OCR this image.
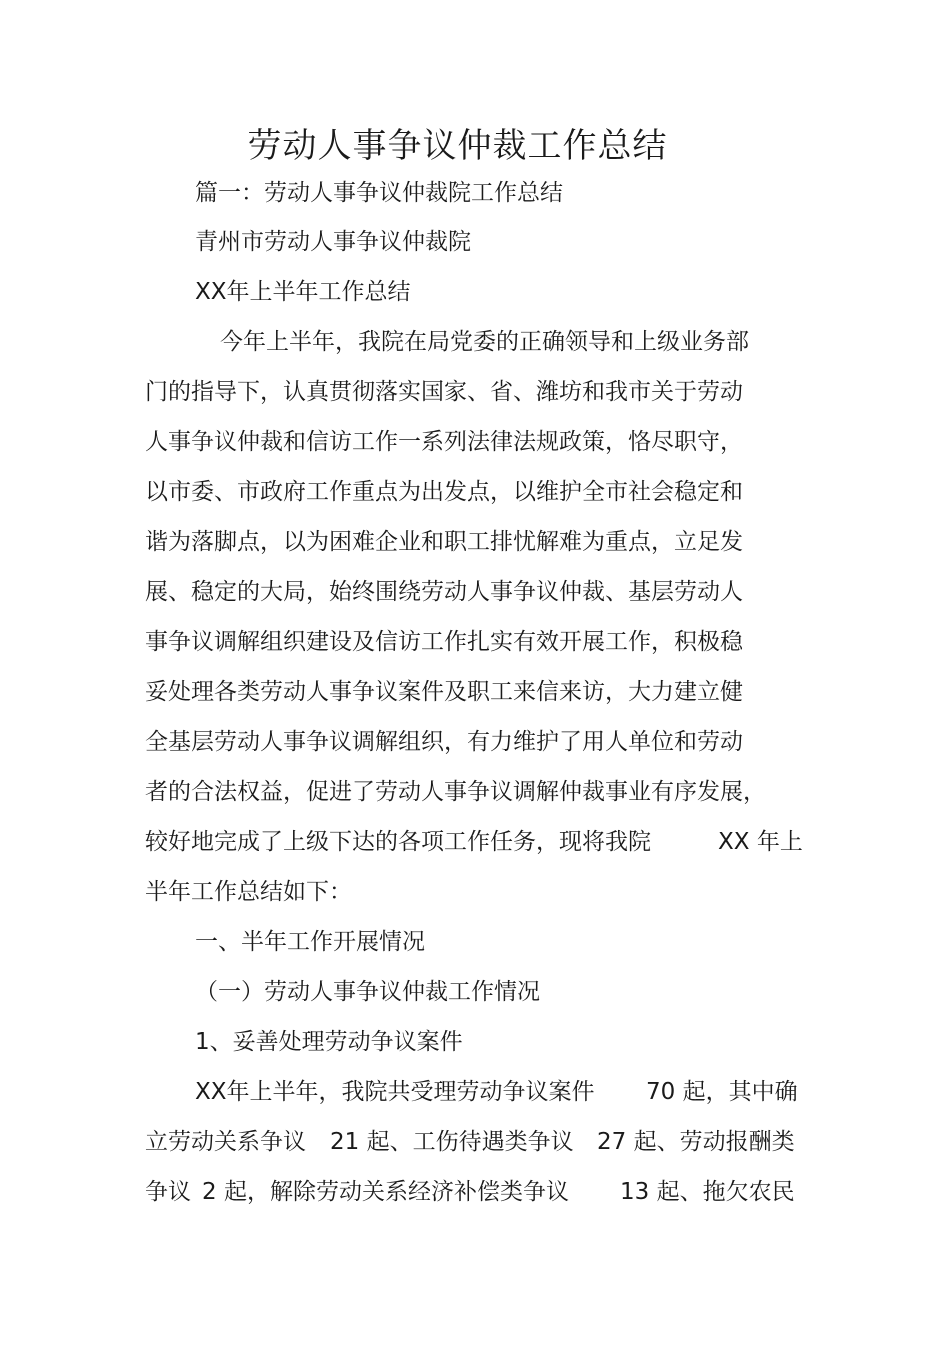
劳动人事争议仲裁工作总结
篇一：劳动人事争议仲裁院工作总结
青州市劳动人事争议仲裁院
XX年上半年工作总结
今年上半年，我院在局党委的正确领导和上级业务部
门的指导下，认真贯彻落实国家、省、潍坊和我市关于劳动
人事争议仲裁和信访工作一系列法律法规政策，恪尽职守，
以市委、市政府工作重点为出发点，以维护全市社会稳定和
谐为落脚点，以为困难企业和职工排忧解难为重点，立足发
展、稳定的大局，始终围绕劳动人事争议仲裁、基层劳动人
事争议调解组织建设及信访工作扎实有效开展工作，积极稳
妥处理各类劳动人事争议案件及职工来信来访，大力建立健
全基层劳动人事争议调解组织，有力维护了用人单位和劳动
者的合法权益，促进了劳动人事争议调解仲裁事业有序发展，
较好地完成了上级下达的各项工作任务，现将我院	XX 年上
半年工作总结如下：
一、半年工作开展情况
（一）劳动人事争议仲裁工作情况
1、妥善处理劳动争议案件
XX年上半年，我院共受理劳动争议案件 70 起，其中确
立劳动关系争议 21 起、工伤待遇类争议 27 起、劳动报酬类
争议 2 起，解除劳动关系经济补偿类争议 13 起、拖欠农民
